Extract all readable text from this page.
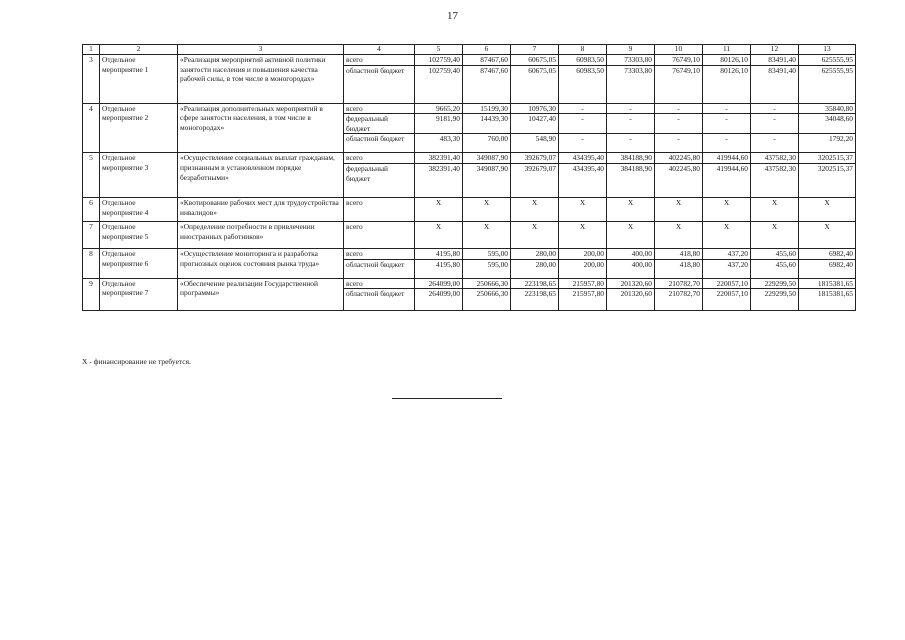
17
1	2	3	4	5	6	7	8	9	10	11	12	13
3	Отдельное мероприятие 1	«Реализация мероприятий активной политики занятости населения и повышения качества рабочей силы, в том числе в моногородах»	всего	102759,40	87467,60	60675,05	60983,50	73303,80	76749,10	80126,10	83491,40	625555,95
			областной бюджет	102759,40	87467,60	60675,05	60983,50	73303,80	76749,10	80126,10	83491,40	625555,95
4	Отдельное мероприятие 2	«Реализация дополнительных мероприятий в сфере занятости населения, в том числе в моногородах»	всего	9665,20	15199,30	10976,30	-	-	-	-	-	35840,80
			федеральный бюджет	9181,90	14439,30	10427,40	-	-	-	-	-	34048,60
			областной бюджет	483,30	760,00	548,90	-	-	-	-	-	1792,20
5	Отдельное мероприятие 3	«Осуществление социальных выплат гражданам, признанным в установленном порядке безработными»	всего	382391,40	349087,90	392679,07	434395,40	384188,90	402245,80	419944,60	437582,30	3202515,37
			федеральный бюджет	382391,40	349087,90	392679,07	434395,40	384188,90	402245,80	419944,60	437582,30	3202515,37
6	Отдельное мероприятие 4	«Квотирование рабочих мест для трудоустройства инвалидов»	всего	X	X	X	X	X	X	X	X	X
7	Отдельное мероприятие 5	«Определение потребности в привлечении иностранных работников»	всего	X	X	X	X	X	X	X	X	X
8	Отдельное мероприятие 6	«Осуществление мониторинга и разработка прогнозных оценок состояния рынка труда»	всего	4195,80	595,00	280,00	200,00	400,00	418,80	437,20	455,60	6982,40
			областной бюджет	4195,80	595,00	280,00	200,00	400,00	418,80	437,20	455,60	6982,40
9	Отдельное мероприятие 7	«Обеспечение реализации Государственной программы»	всего	264099,00	250666,30	223198,65	215957,80	201320,60	210782,70	220057,10	229299,50	1815381,65
			областной бюджет	264099,00	250666,30	223198,65	215957,80	201320,60	210782,70	220057,10	229299,50	1815381,65
Х - финансирование не требуется.
